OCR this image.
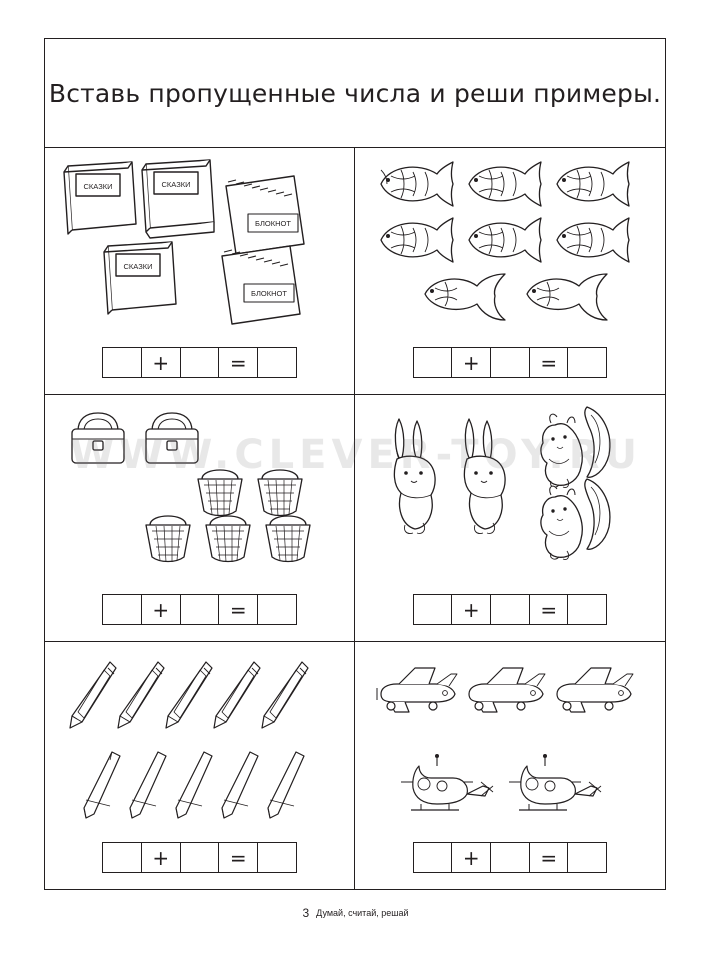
Вставь пропущенные числа и реши примеры.
СКАЗКИ	СКАЗКИ
СКАЗКИ
БЛОКНОТ
БЛОКНОТ
+	=	+	=
+	=	+	=
+	=	+	=
WWW.CLEVER-TOY.RU
3 Думай, считай, решай
